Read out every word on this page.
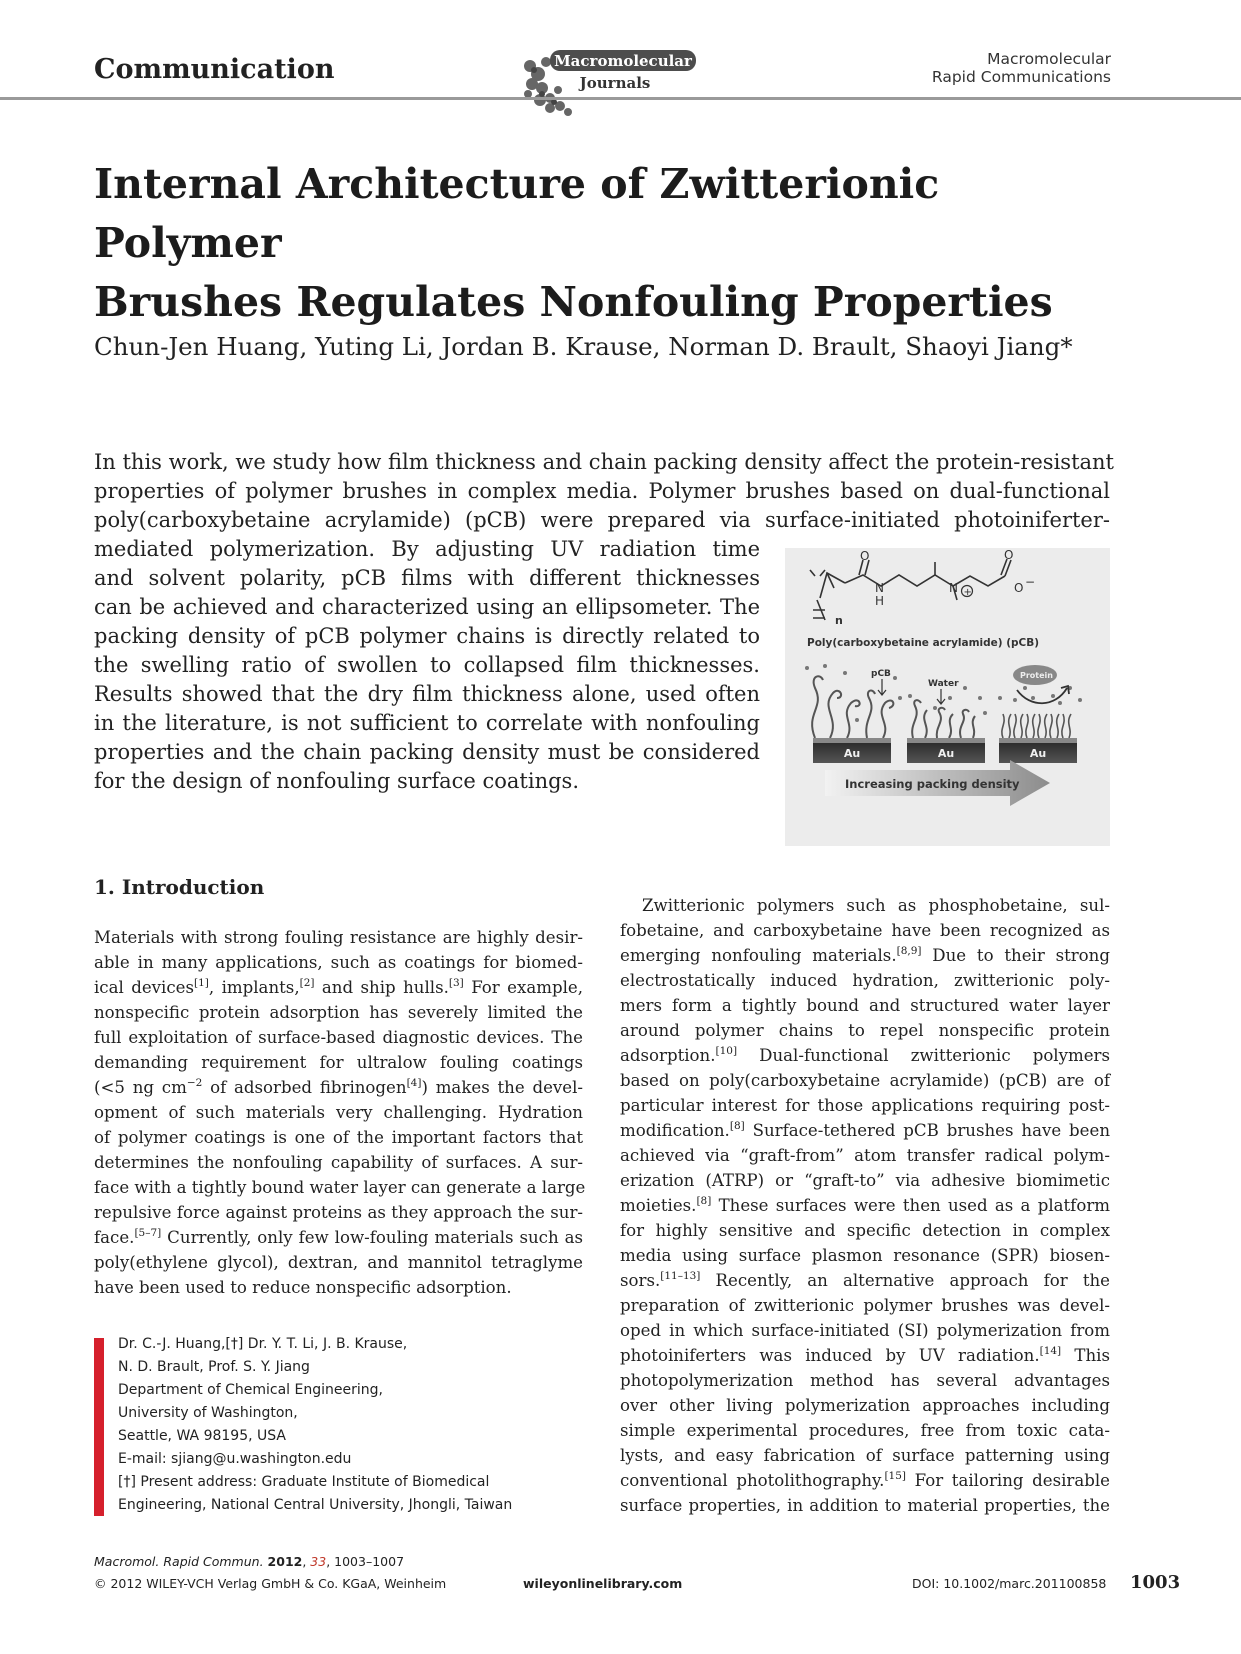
Communication	Macromolecular
Journals
Macromolecular
Rapid Communications
Internal Architecture of Zwitterionic Polymer
Brushes Regulates Nonfouling Properties
Chun-Jen Huang, Yuting Li, Jordan B. Krause, Norman D. Brault, Shaoyi Jiang*
In this work, we study how film thickness and chain packing density affect the protein-resistant
properties of polymer brushes in complex media. Polymer brushes based on dual-functional
poly(carboxybetaine acrylamide) (pCB) were prepared via surface-initiated photoiniferter-
mediated polymerization. By adjusting UV radiation time
and solvent polarity, pCB films with different thicknesses
can be achieved and characterized using an ellipsometer. The
packing density of pCB polymer chains is directly related to
the swelling ratio of swollen to collapsed film thicknesses.
Results showed that the dry film thickness alone, used often
in the literature, is not sufficient to correlate with nonfouling
properties and the chain packing density must be considered
for the design of nonfouling surface coatings.
O	O
O −
N
H
N +
n
Poly(carboxybetaine acrylamide) (pCB)
pCB
Water
Protein
Au	Au	Au
Increasing packing density
1. Introduction
Materials with strong fouling resistance are highly desir-
able in many applications, such as coatings for biomed-
ical devices[1], implants,[2] and ship hulls.[3] For example,
nonspecific protein adsorption has severely limited the
full exploitation of surface-based diagnostic devices. The
demanding requirement for ultralow fouling coatings
(<5 ng $cm^{-2}$ of adsorbed fibrinogen[4]) makes the devel-
opment of such materials very challenging. Hydration
of polymer coatings is one of the important factors that
determines the nonfouling capability of surfaces. A sur-
face with a tightly bound water layer can generate a large
repulsive force against proteins as they approach the sur-
face.[5–7] Currently, only few low-fouling materials such as
poly(ethylene glycol), dextran, and mannitol tetraglyme
have been used to reduce nonspecific adsorption.
Dr. C.-J. Huang,[†] Dr. Y. T. Li, J. B. Krause,
N. D. Brault, Prof. S. Y. Jiang
Department of Chemical Engineering,
University of Washington,
Seattle, WA 98195, USA
E-mail: sjiang@u.washington.edu
[†] Present address: Graduate Institute of Biomedical
Engineering, National Central University, Jhongli, Taiwan
Zwitterionic polymers such as phosphobetaine, sul-
fobetaine, and carboxybetaine have been recognized as
emerging nonfouling materials.[8,9] Due to their strong
electrostatically induced hydration, zwitterionic poly-
mers form a tightly bound and structured water layer
around polymer chains to repel nonspecific protein
adsorption.[10] Dual-functional zwitterionic polymers
based on poly(carboxybetaine acrylamide) (pCB) are of
particular interest for those applications requiring post-
modification.[8] Surface-tethered pCB brushes have been
achieved via “graft-from” atom transfer radical polym-
erization (ATRP) or “graft-to” via adhesive biomimetic
moieties.[8] These surfaces were then used as a platform
for highly sensitive and specific detection in complex
media using surface plasmon resonance (SPR) biosen-
sors.[11–13] Recently, an alternative approach for the
preparation of zwitterionic polymer brushes was devel-
oped in which surface-initiated (SI) polymerization from
photoiniferters was induced by UV radiation.[14] This
photopolymerization method has several advantages
over other living polymerization approaches including
simple experimental procedures, free from toxic cata-
lysts, and easy fabrication of surface patterning using
conventional photolithography.[15] For tailoring desirable
surface properties, in addition to material properties, the
Macromol. Rapid Commun. 2012, 33, 1003–1007
© 2012 WILEY-VCH Verlag GmbH & Co. KGaA, Weinheim	wileyonlinelibrary.com	DOI: 10.1002/marc.201100858 1003
